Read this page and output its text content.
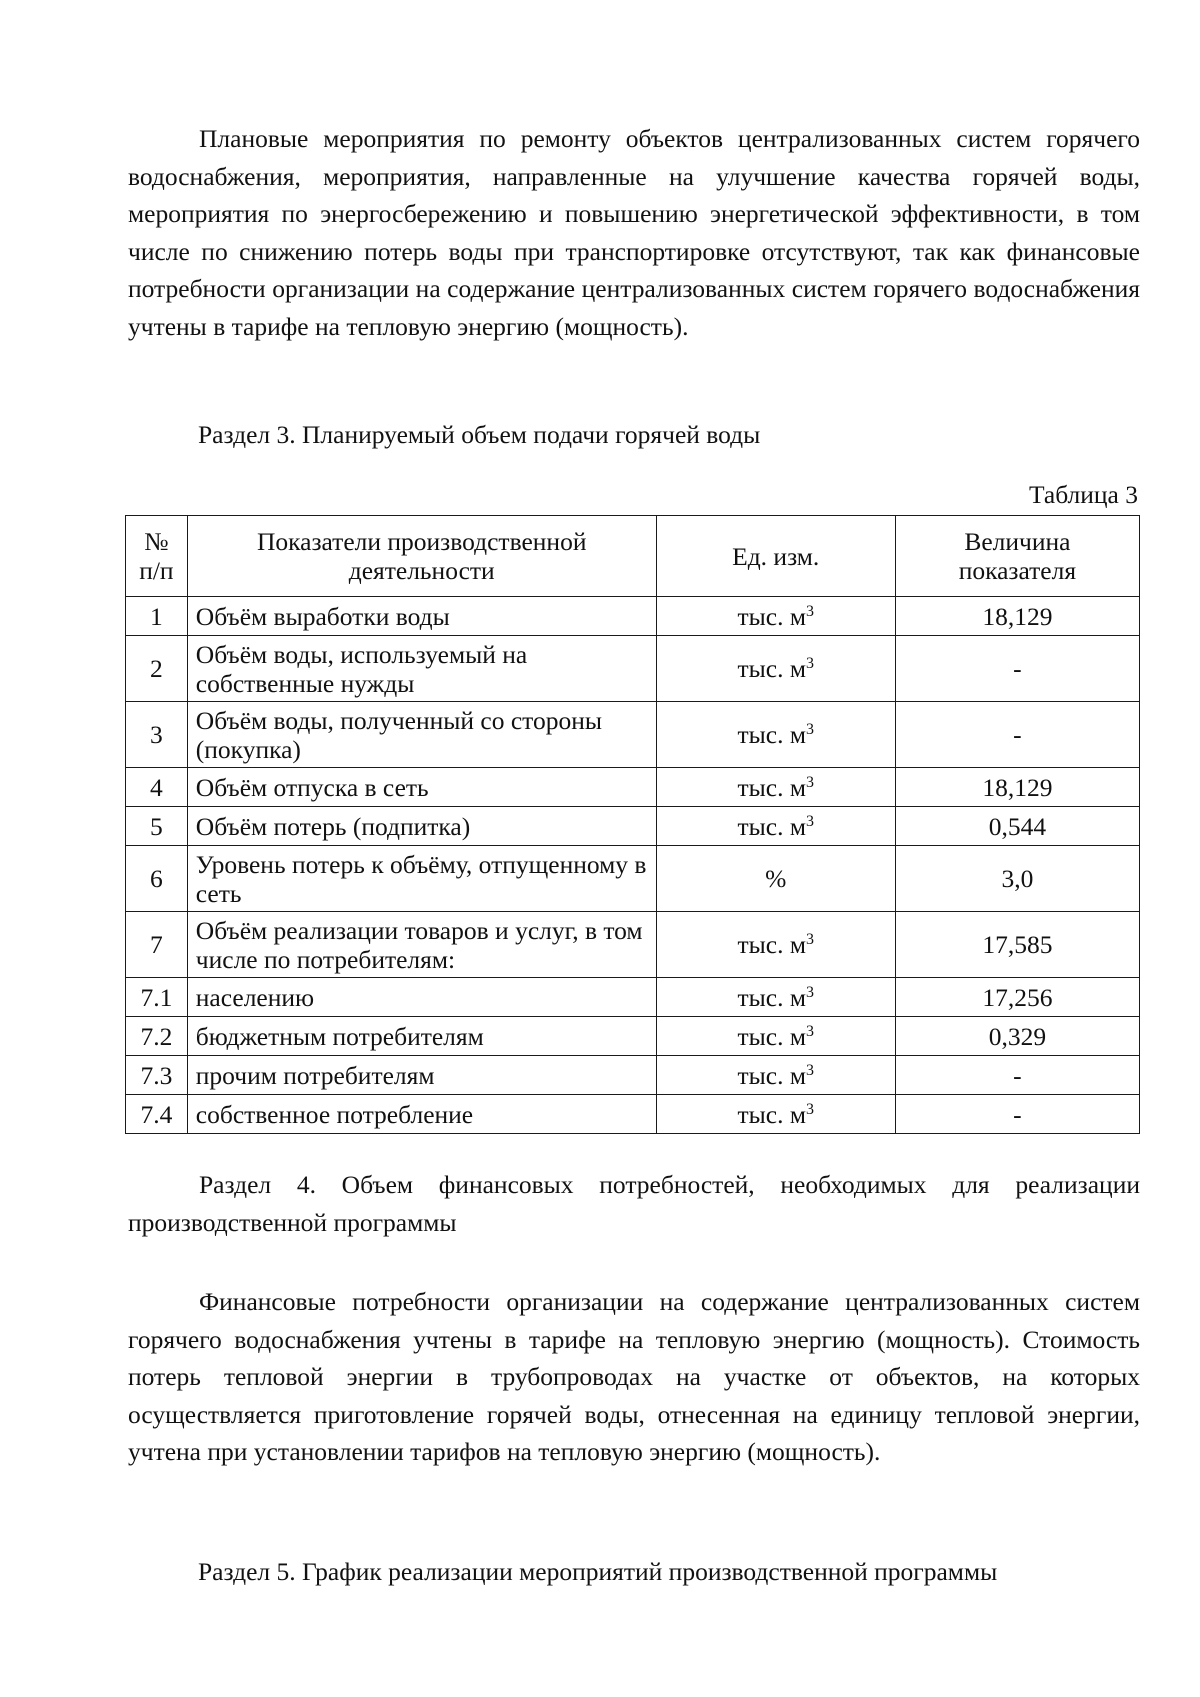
Плановые мероприятия по ремонту объектов централизованных систем горячего водоснабжения, мероприятия, направленные на улучшение качества горячей воды, мероприятия по энергосбережению и повышению энергетической эффективности, в том числе по снижению потерь воды при транспортировке отсутствуют, так как финансовые потребности организации на содержание централизованных систем горячего водоснабжения учтены в тарифе на тепловую энергию (мощность).

Раздел 3. Планируемый объем подачи горячей воды

Таблица 3
№
п/п	Показатели производственной деятельности	Ед. изм.	Величина показателя
1	Объём выработки воды	тыс. $м^3$	18,129
2	Объём воды, используемый на собственные нужды	тыс. $м^3$	-
3	Объём воды, полученный со стороны (покупка)	тыс. $м^3$	-
4	Объём отпуска в сеть	тыс. $м^3$	18,129
5	Объём потерь (подпитка)	тыс. $м^3$	0,544
6	Уровень потерь к объёму, отпущенному в сеть	%	3,0
7	Объём реализации товаров и услуг, в том числе по потребителям:	тыс. $м^3$	17,585
7.1	населению	тыс. $м^3$	17,256
7.2	бюджетным потребителям	тыс. $м^3$	0,329
7.3	прочим потребителям	тыс. $м^3$	-
7.4	собственное потребление	тыс. $м^3$	-

Раздел 4. Объем финансовых потребностей, необходимых для реализации производственной программы

Финансовые потребности организации на содержание централизованных систем горячего водоснабжения учтены в тарифе на тепловую энергию (мощность). Стоимость потерь тепловой энергии в трубопроводах на участке от объектов, на которых осуществляется приготовление горячей воды, отнесенная на единицу тепловой энергии, учтена при установлении тарифов на тепловую энергию (мощность).

Раздел 5. График реализации мероприятий производственной программы
